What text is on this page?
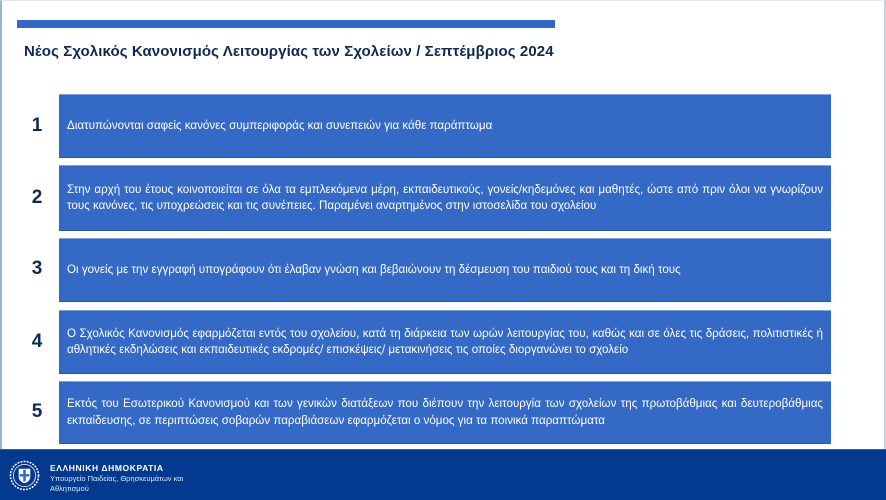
Νέος Σχολικός Κανονισμός Λειτουργίας των Σχολείων / Σεπτέμβριος 2024
1	Διατυπώνονται σαφείς κανόνες συμπεριφοράς και συνεπειών για κάθε παράπτωμα
2	Στην αρχή του έτους κοινοποιείται σε όλα τα εμπλεκόμενα μέρη, εκπαιδευτικούς, γονείς/κηδεμόνες και μαθητές, ώστε από πριν όλοι να γνωρίζουν τους κανόνες, τις υποχρεώσεις και τις συνέπειες. Παραμένει αναρτημένος στην ιστοσελίδα του σχολείου
3	Οι γονείς με την εγγραφή υπογράφουν ότι έλαβαν γνώση και βεβαιώνουν τη δέσμευση του παιδιού τους και τη δική τους
4	Ο Σχολικός Κανονισμός εφαρμόζεται εντός του σχολείου, κατά τη διάρκεια των ωρών λειτουργίας του, καθώς και σε όλες τις δράσεις, πολιτιστικές ή αθλητικές εκδηλώσεις και εκπαιδευτικές εκδρομές/ επισκέψεις/ μετακινήσεις τις οποίες διοργανώνει το σχολείο
5	Εκτός του Εσωτερικού Κανονισμού και των γενικών διατάξεων που διέπουν την λειτουργία των σχολείων της πρωτοβάθμιας και δευτεροβάθμιας εκπαίδευσης, σε περιπτώσεις σοβαρών παραβιάσεων εφαρμόζεται ο νόμος για τα ποινικά παραπτώματα
ΕΛΛΗΝΙΚΗ ΔΗΜΟΚΡΑΤΙΑ
Υπουργείο Παιδείας, Θρησκευμάτων και Αθλητισμού
